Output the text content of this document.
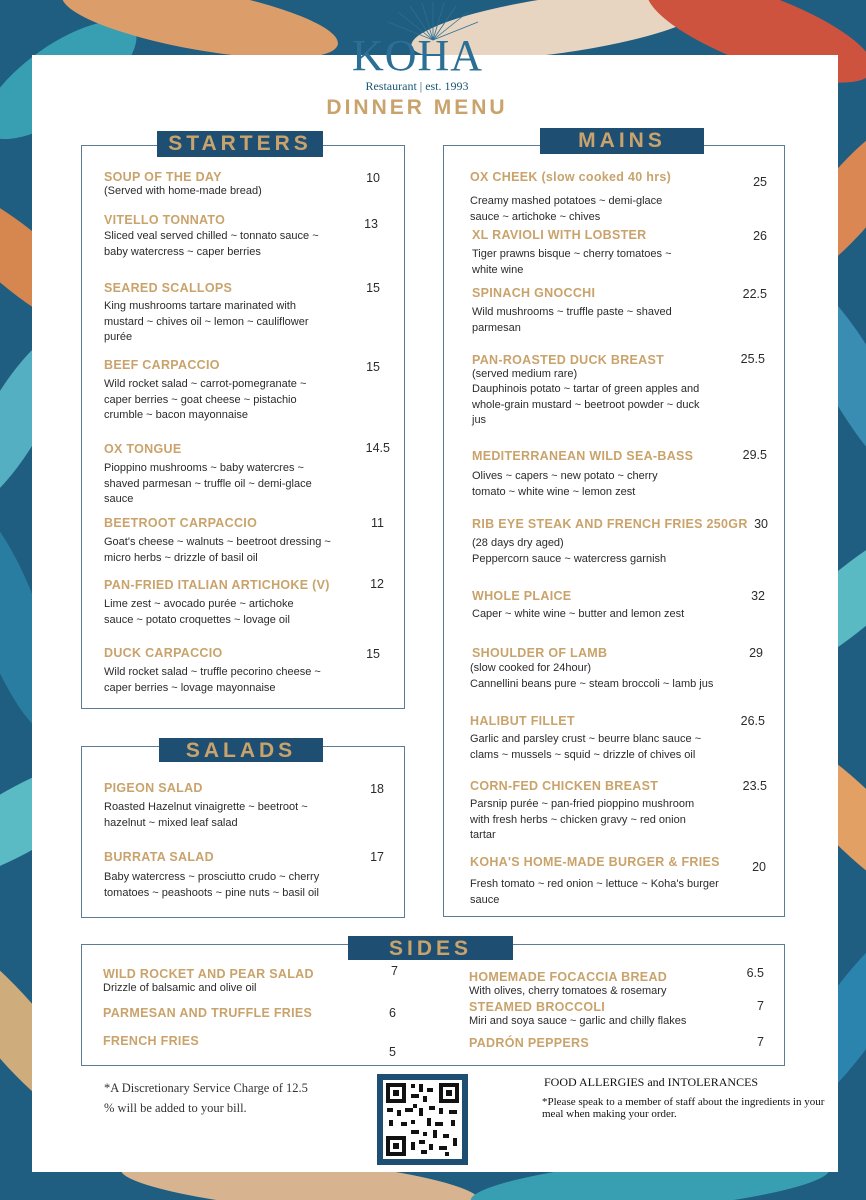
KOHA
Restaurant | est. 1993
DINNER MENU
STARTERS
SOUP OF THE DAY
(Served with home-made bread)
10
VITELLO TONNATO
Sliced veal served chilled ~ tonnato sauce ~ baby watercress ~ caper berries
13
SEARED SCALLOPS
King mushrooms tartare marinated with mustard ~ chives oil ~ lemon ~ cauliflower purée
15
BEEF CARPACCIO
Wild rocket salad ~ carrot-pomegranate ~ caper berries ~ goat cheese ~ pistachio crumble ~ bacon mayonnaise
15
OX TONGUE
Pioppino mushrooms ~ baby watercres ~ shaved parmesan ~ truffle oil ~ demi-glace sauce
14.5
BEETROOT CARPACCIO
Goat's cheese ~ walnuts ~ beetroot dressing ~ micro herbs ~ drizzle of basil oil
11
PAN-FRIED ITALIAN ARTICHOKE (V)
Lime zest ~ avocado purée ~ artichoke sauce ~ potato croquettes ~ lovage oil
12
DUCK CARPACCIO
Wild rocket salad ~ truffle pecorino cheese ~ caper berries ~ lovage mayonnaise
15
SALADS
PIGEON SALAD
Roasted Hazelnut vinaigrette ~ beetroot ~ hazelnut ~ mixed leaf salad
18
BURRATA SALAD
Baby watercress ~ prosciutto crudo ~ cherry tomatoes ~ peashoots ~ pine nuts ~ basil oil
17
MAINS
OX CHEEK (slow cooked 40 hrs)
Creamy mashed potatoes ~ demi-glace sauce ~ artichoke ~ chives
25
XL RAVIOLI WITH LOBSTER
Tiger prawns bisque ~ cherry tomatoes ~ white wine
26
SPINACH GNOCCHI
Wild mushrooms ~ truffle paste ~ shaved parmesan
22.5
PAN-ROASTED DUCK BREAST
(served medium rare)
Dauphinois potato ~ tartar of green apples and whole-grain mustard ~ beetroot powder ~ duck jus
25.5
MEDITERRANEAN WILD SEA-BASS
Olives ~ capers ~ new potato ~ cherry tomato ~ white wine ~ lemon zest
29.5
RIB EYE STEAK AND FRENCH FRIES 250GR
(28 days dry aged)
Peppercorn sauce ~ watercress garnish
30
WHOLE PLAICE
Caper ~ white wine ~ butter and lemon zest
32
SHOULDER OF LAMB
(slow cooked for 24hour)
Cannellini beans pure ~ steam broccoli ~ lamb jus
29
HALIBUT FILLET
Garlic and parsley crust ~ beurre blanc sauce ~ clams ~ mussels ~ squid ~ drizzle of chives oil
26.5
CORN-FED CHICKEN BREAST
Parsnip purée ~ pan-fried pioppino mushroom with fresh herbs ~ chicken gravy ~ red onion tartar
23.5
KOHA'S HOME-MADE BURGER & FRIES
Fresh tomato ~ red onion ~ lettuce ~ Koha's burger sauce
20
SIDES
WILD ROCKET AND PEAR SALAD
Drizzle of balsamic and olive oil
7
PARMESAN AND TRUFFLE FRIES	6
FRENCH FRIES
5
HOMEMADE FOCACCIA BREAD
With olives, cherry tomatoes & rosemary
6.5
STEAMED BROCCOLI
Miri and soya sauce ~ garlic and chilly flakes
7
PADRÓN PEPPERS	7
*A Discretionary Service Charge of 12.5 % will be added to your bill.
FOOD ALLERGIES and INTOLERANCES
*Please speak to a member of staff about the ingredients in your meal when making your order.
